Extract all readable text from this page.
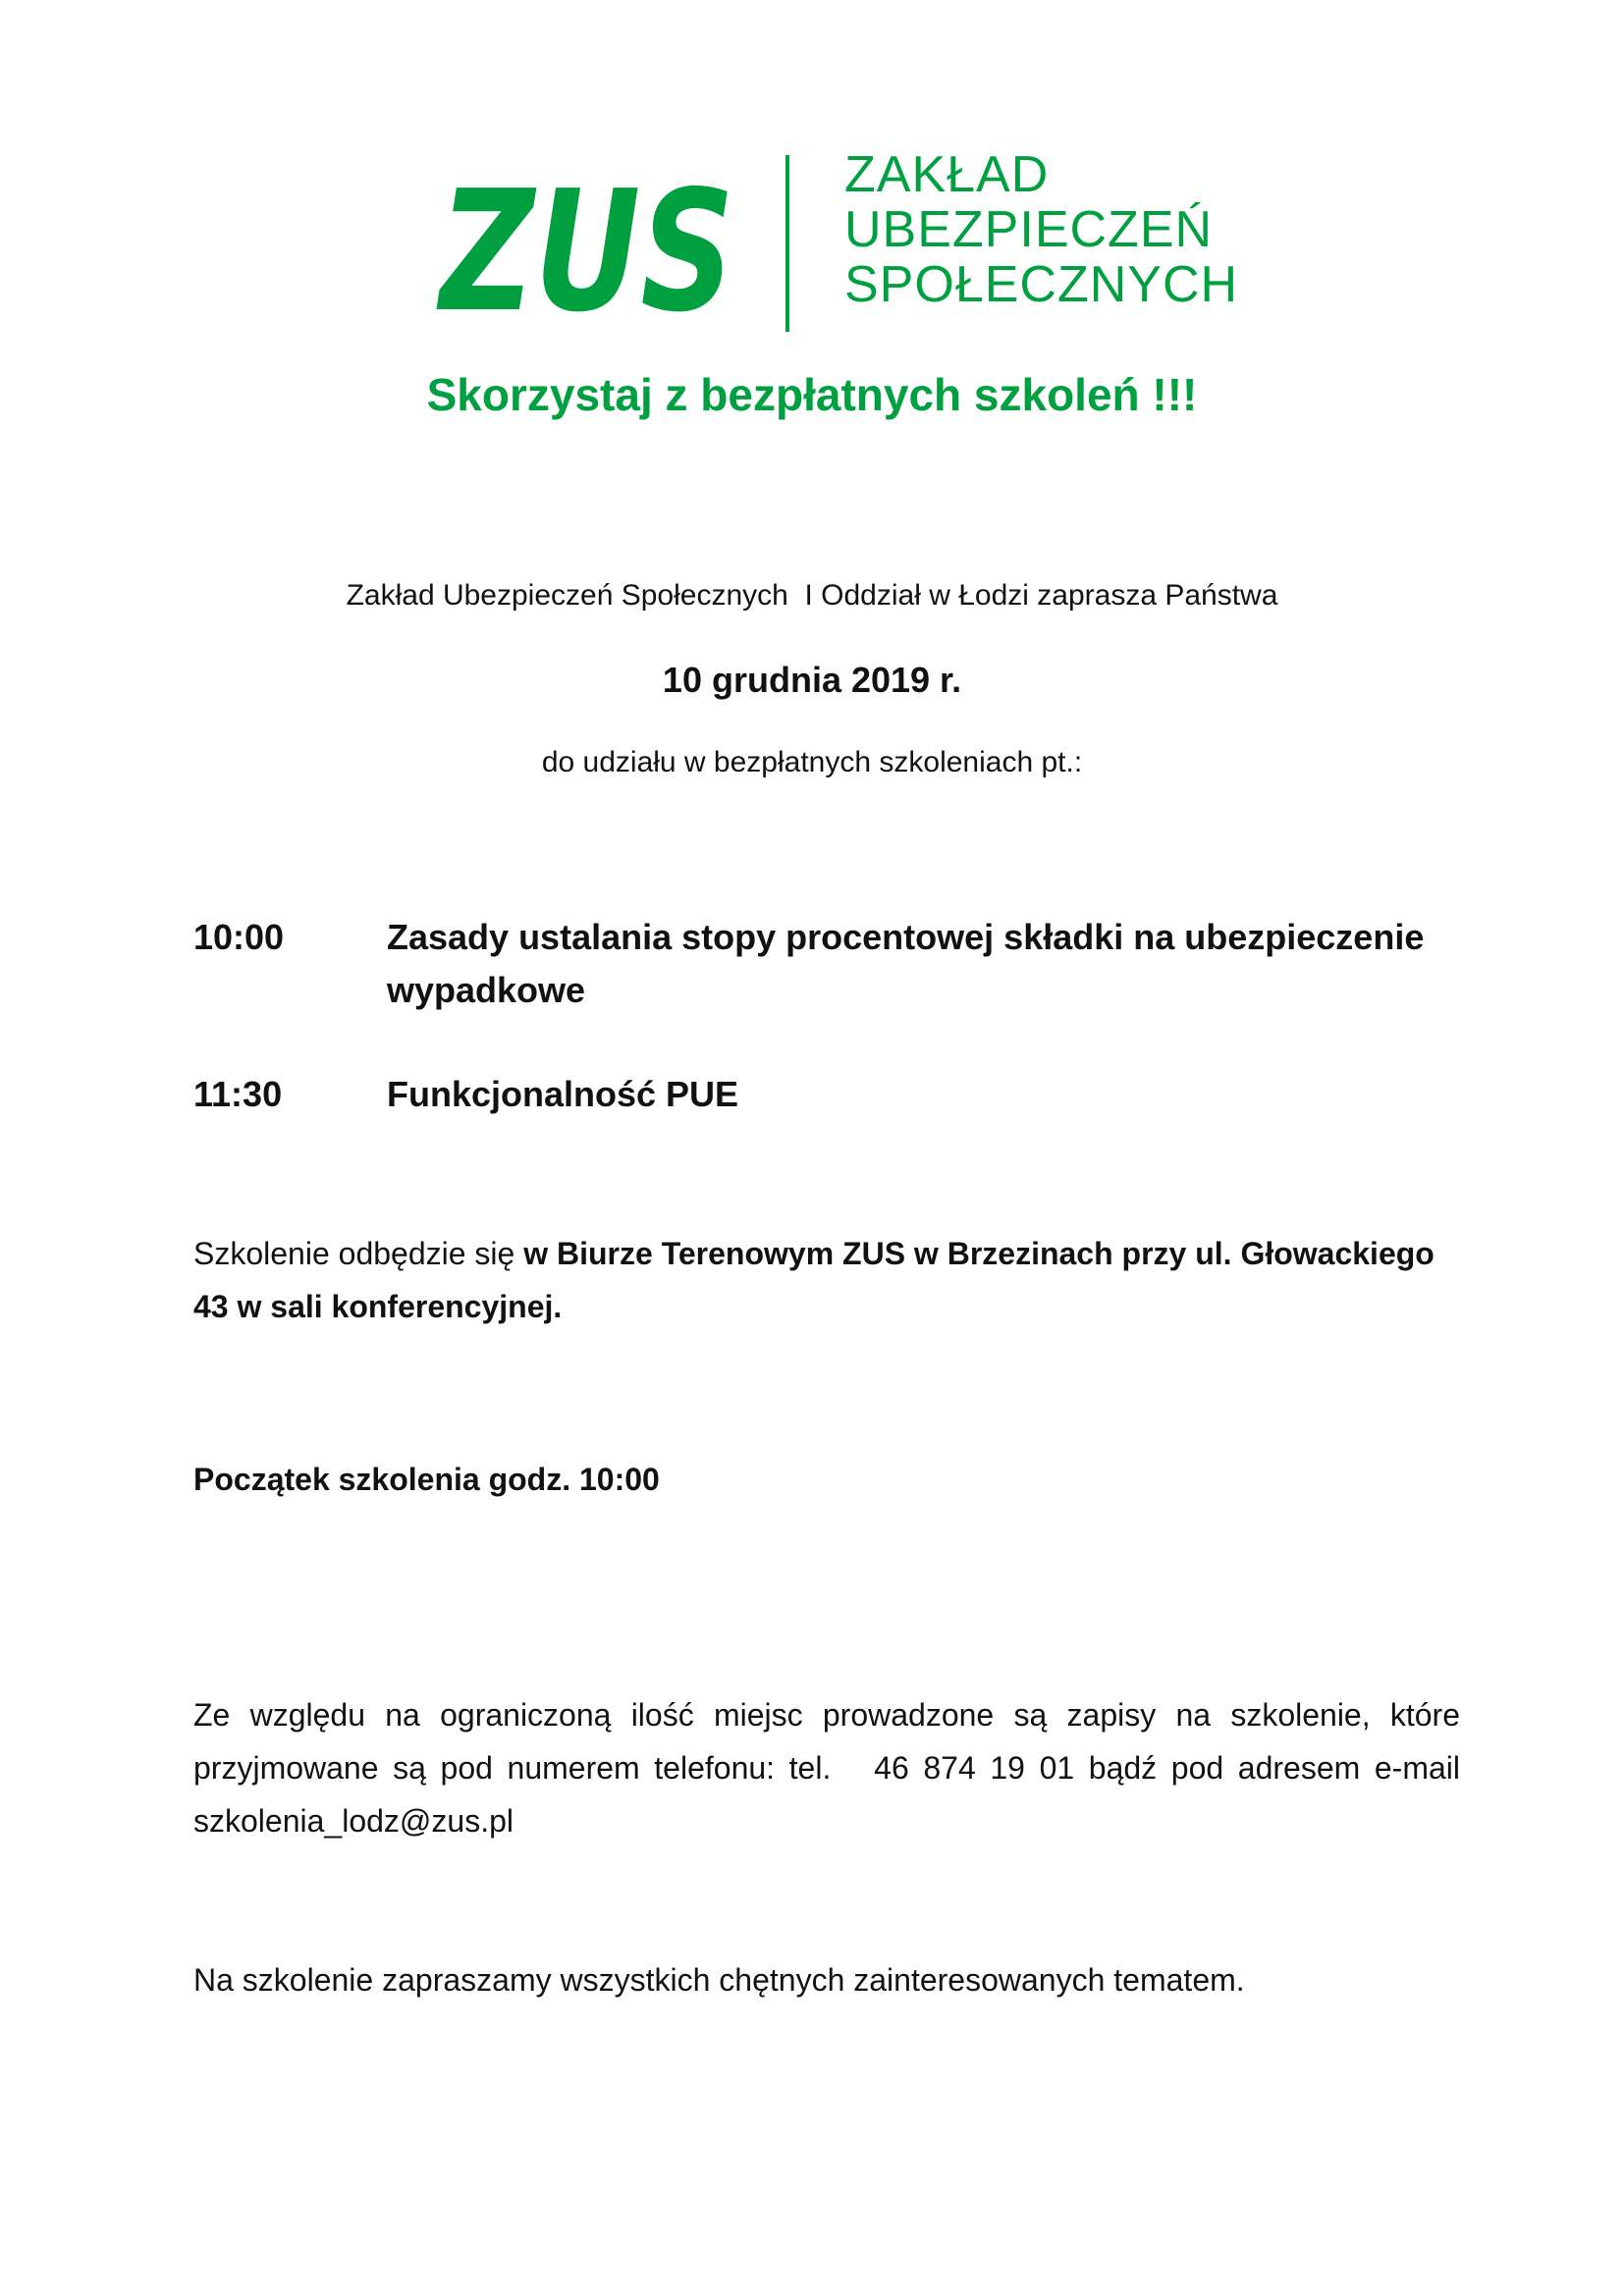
ZUS ZAKŁAD
UBEZPIECZEŃ
SPOŁECZNYCH
Skorzystaj z bezpłatnych szkoleń !!!
Zakład Ubezpieczeń Społecznych  I Oddział w Łodzi zaprasza Państwa
10 grudnia 2019 r.
do udziału w bezpłatnych szkoleniach pt.:
10:00	Zasady ustalania stopy procentowej składki na ubezpieczenie wypadkowe
11:30	Funkcjonalność PUE
Szkolenie odbędzie się w Biurze Terenowym ZUS w Brzezinach przy ul. Głowackiego 43 w sali konferencyjnej.
Początek szkolenia godz. 10:00
Ze względu na ograniczoną ilość miejsc prowadzone są zapisy na szkolenie, które przyjmowane są pod numerem telefonu: tel.   46 874 19 01 bądź pod adresem e-mail  szkolenia_lodz@zus.pl
Na szkolenie zapraszamy wszystkich chętnych zainteresowanych tematem.
